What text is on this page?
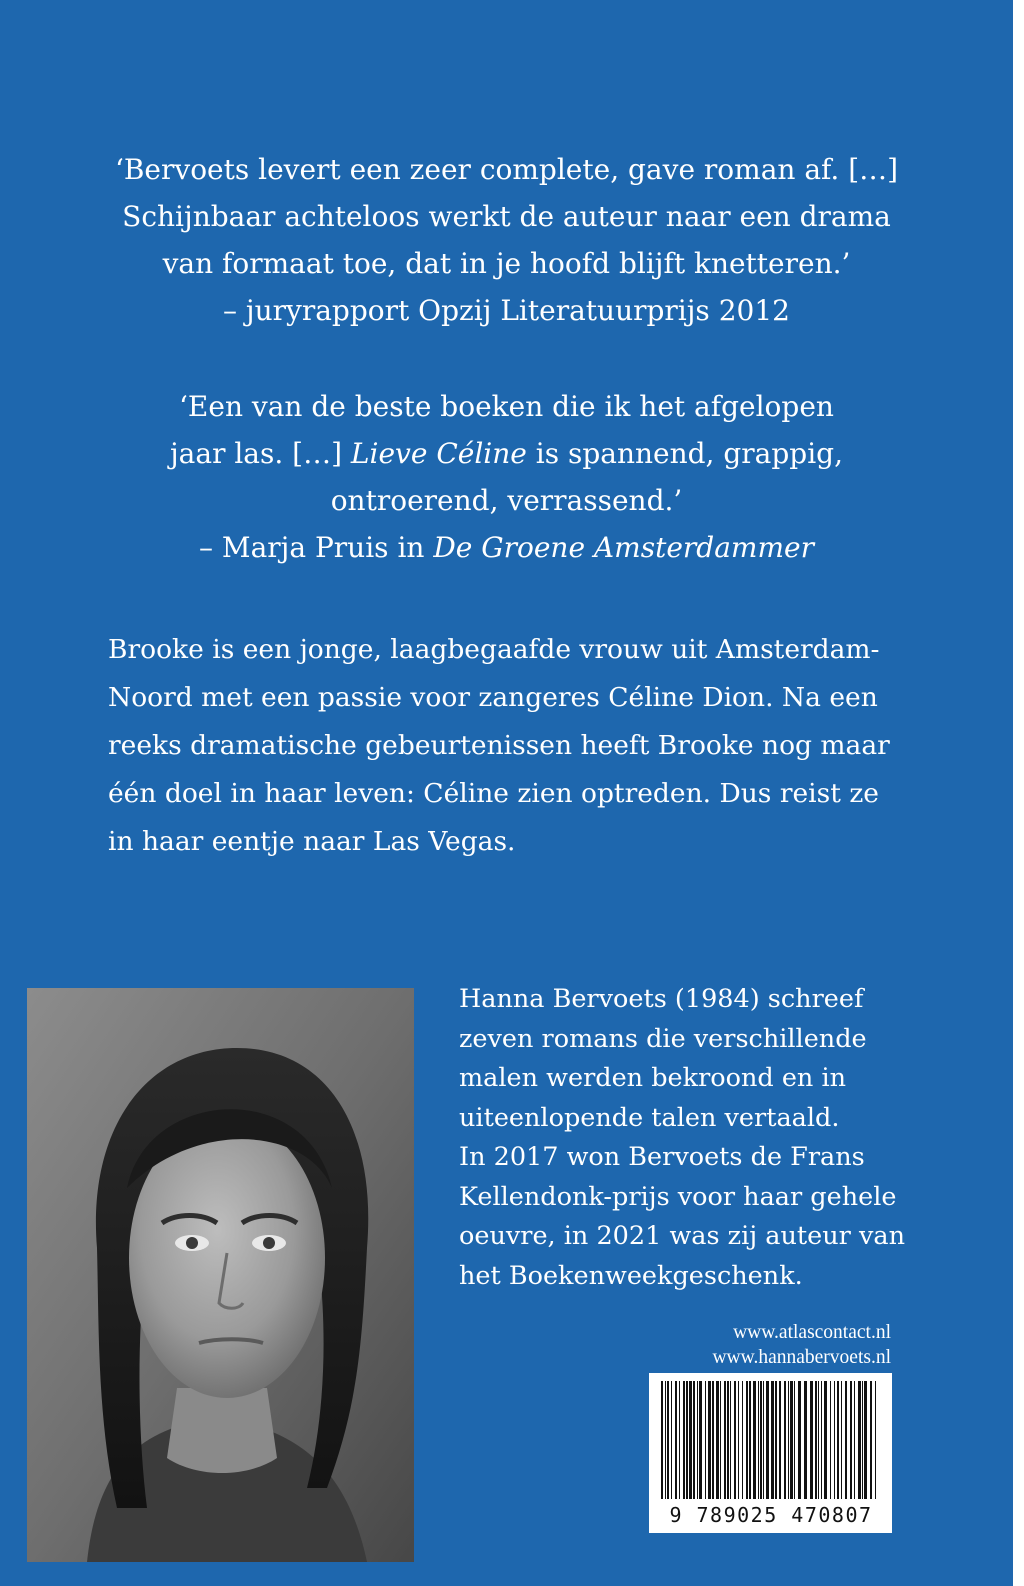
‘Bervoets levert een zeer complete, gave roman af. […]
Schijnbaar achteloos werkt de auteur naar een drama
van formaat toe, dat in je hoofd blijft knetteren.’
– juryrapport Opzij Literatuurprijs 2012
‘Een van de beste boeken die ik het afgelopen
jaar las. […] Lieve Céline is spannend, grappig,
ontroerend, verrassend.’
– Marja Pruis in De Groene Amsterdammer
Brooke is een jonge, laagbegaafde vrouw uit Amsterdam-
Noord met een passie voor zangeres Céline Dion. Na een
reeks dramatische gebeurtenissen heeft Brooke nog maar
één doel in haar leven: Céline zien optreden. Dus reist ze
in haar eentje naar Las Vegas.
Hanna Bervoets (1984) schreef
zeven romans die verschillende
malen werden bekroond en in
uiteenlopende talen vertaald.
In 2017 won Bervoets de Frans
Kellendonk-prijs voor haar gehele
oeuvre, in 2021 was zij auteur van
het Boekenweekgeschenk.
www.atlascontact.nl
www.hannabervoets.nl
9 789025 470807
